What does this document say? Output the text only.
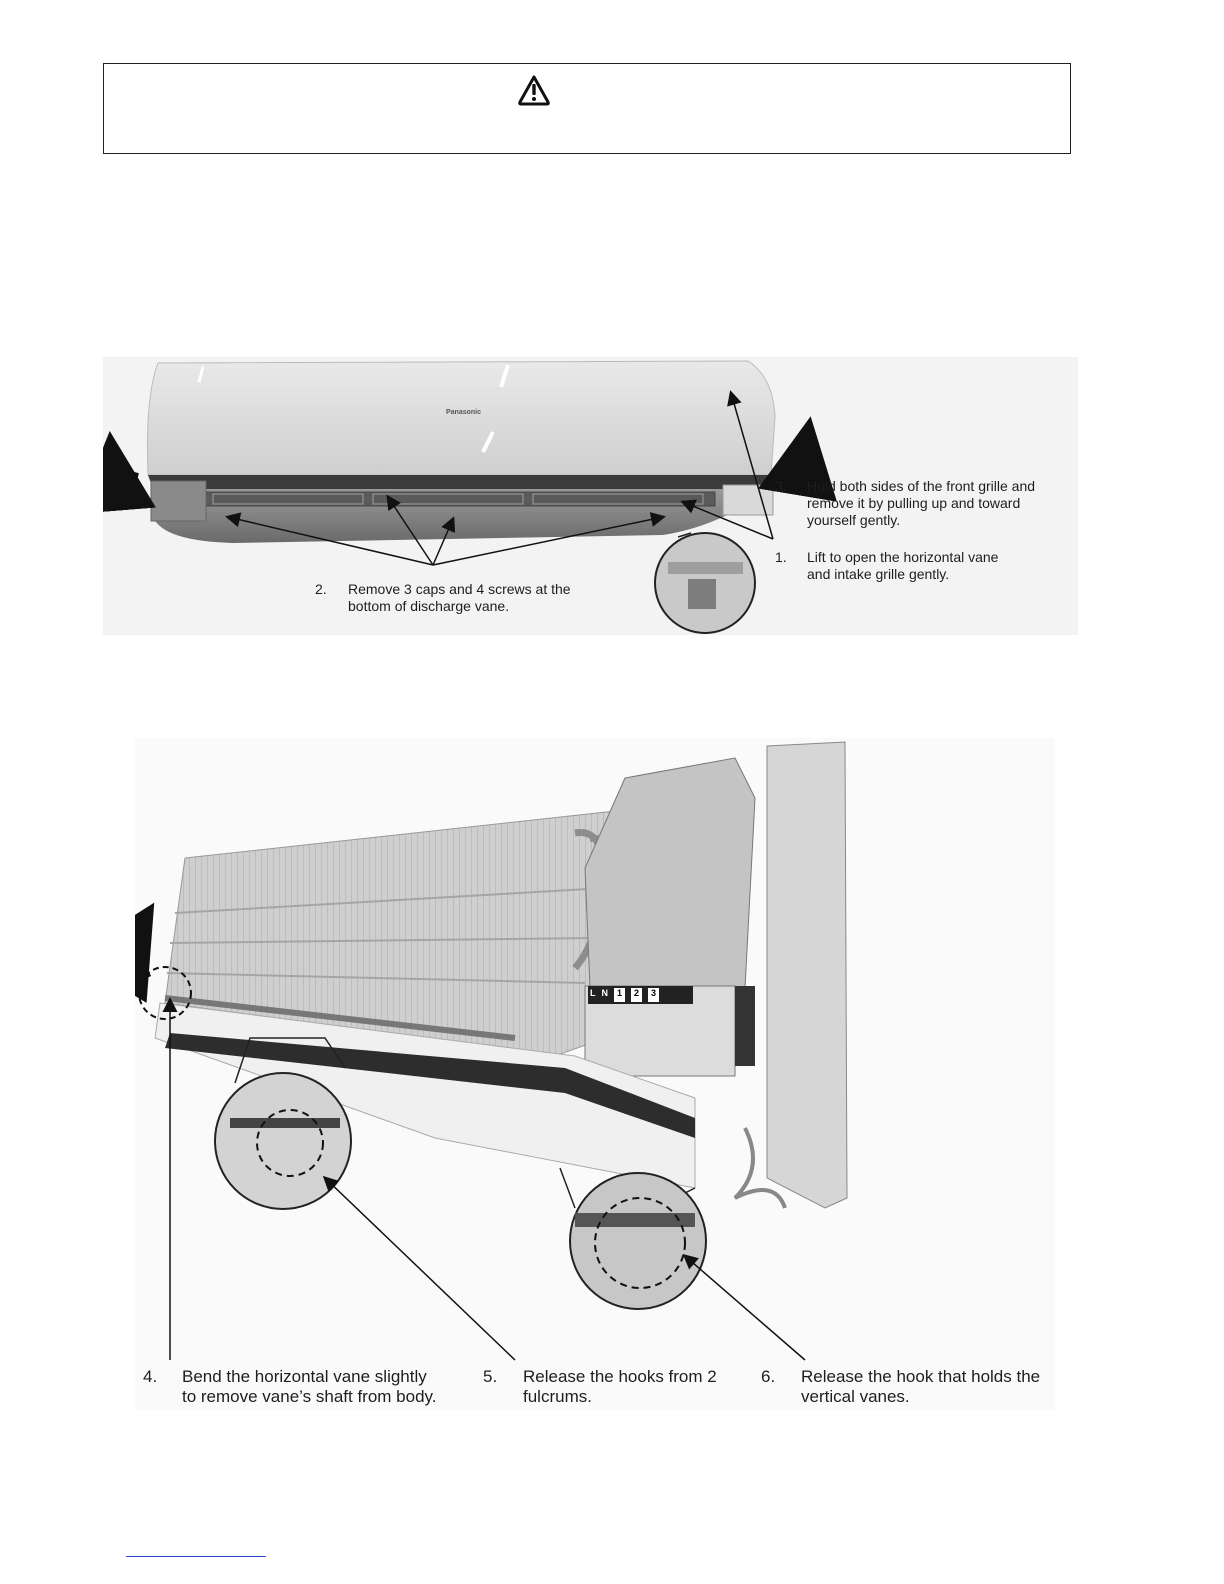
Panasonic
3. Hold both sides of the front grille and
remove it by pulling up and toward
yourself gently.
1. Lift to open the horizontal vane
and intake grille gently.
2. Remove 3 caps and 4 screws at the
bottom of discharge vane.
L N	1	2	3
4. Bend the horizontal vane slightly
to remove vane’s shaft from body.
5. Release the hooks from 2
fulcrums.
6. Release the hook that holds the
vertical vanes.
